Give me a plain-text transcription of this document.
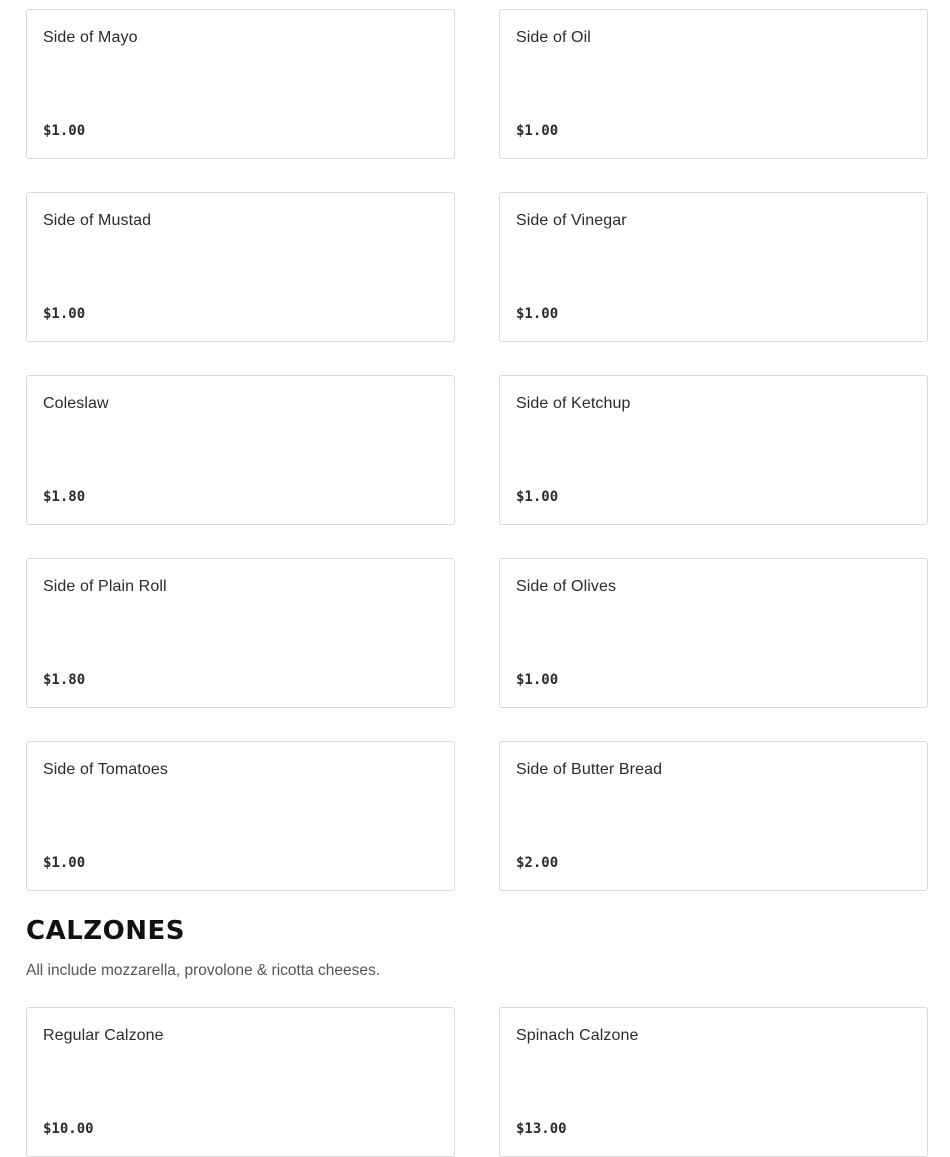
Side of Mayo
$1.00
Side of Oil
$1.00
Side of Mustad
$1.00
Side of Vinegar
$1.00
Coleslaw
$1.80
Side of Ketchup
$1.00
Side of Plain Roll
$1.80
Side of Olives
$1.00
Side of Tomatoes
$1.00
Side of Butter Bread
$2.00
CALZONES

All include mozzarella, provolone & ricotta cheeses.

Regular Calzone
$10.00
Spinach Calzone
$13.00
